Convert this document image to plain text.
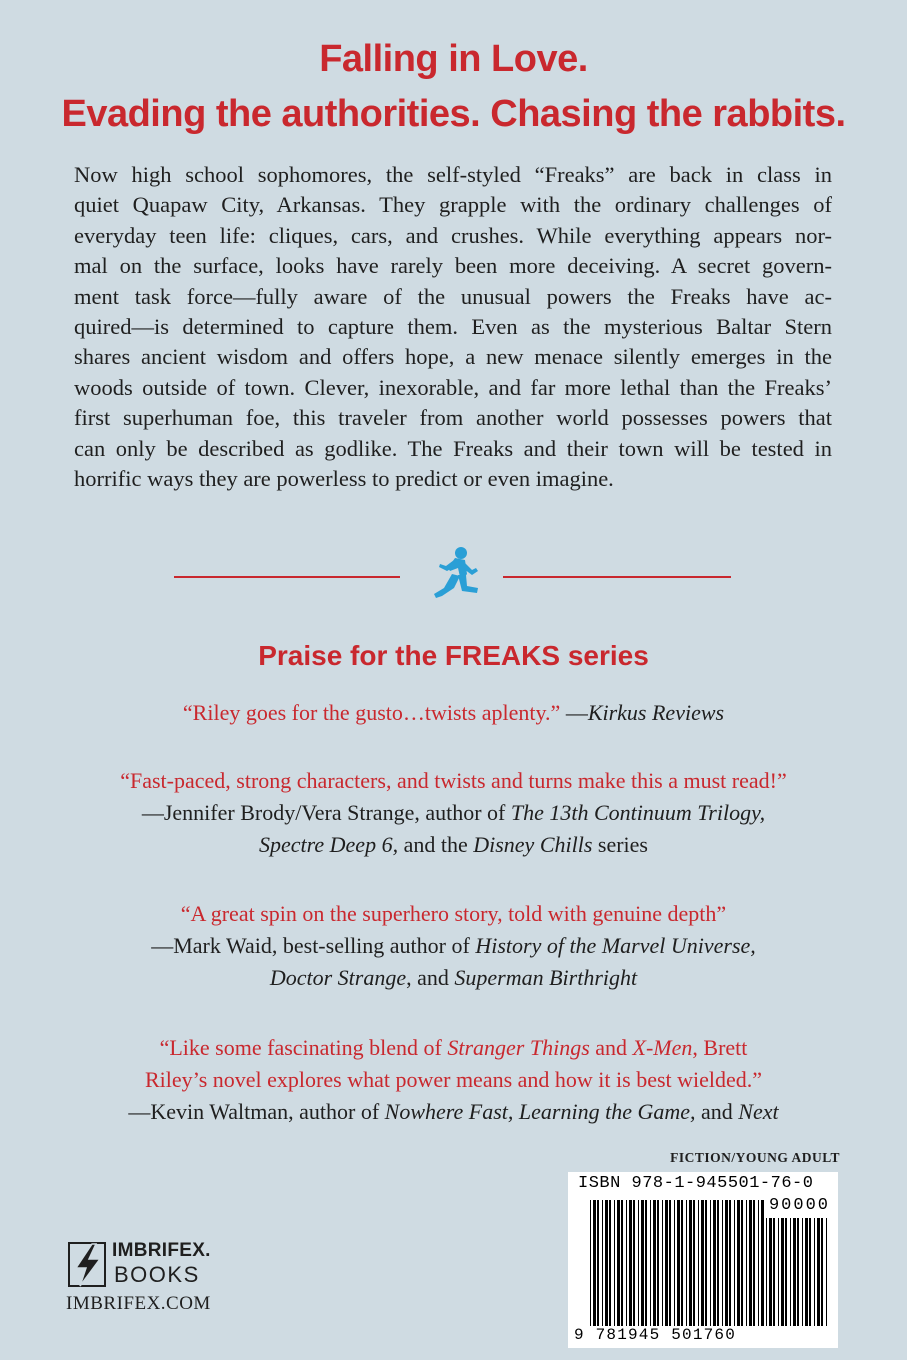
Falling in Love.
Evading the authorities. Chasing the rabbits.
Now high school sophomores, the self-styled “Freaks” are back in class in
quiet Quapaw City, Arkansas. They grapple with the ordinary challenges of
everyday teen life: cliques, cars, and crushes. While everything appears nor-
mal on the surface, looks have rarely been more deceiving. A secret govern-
ment task force—fully aware of the unusual powers the Freaks have ac-
quired—is determined to capture them. Even as the mysterious Baltar Stern
shares ancient wisdom and offers hope, a new menace silently emerges in the
woods outside of town. Clever, inexorable, and far more lethal than the Freaks’
first superhuman foe, this traveler from another world possesses powers that
can only be described as godlike. The Freaks and their town will be tested in
horrific ways they are powerless to predict or even imagine.
Praise for the FREAKS series
“Riley goes for the gusto…twists aplenty.” —Kirkus Reviews
“Fast-paced, strong characters, and twists and turns make this a must read!”
—Jennifer Brody/Vera Strange, author of The 13th Continuum Trilogy,
Spectre Deep 6, and the Disney Chills series
“A great spin on the superhero story, told with genuine depth”
—Mark Waid, best-selling author of History of the Marvel Universe,
Doctor Strange, and Superman Birthright
“Like some fascinating blend of Stranger Things and X-Men, Brett
Riley’s novel explores what power means and how it is best wielded.”
—Kevin Waltman, author of Nowhere Fast, Learning the Game, and Next
FICTION/YOUNG ADULT
ISBN 978-1-945501-76-0
90000
9 781945 501760
IMBRIFEX.
BOOKS
IMBRIFEX.COM
